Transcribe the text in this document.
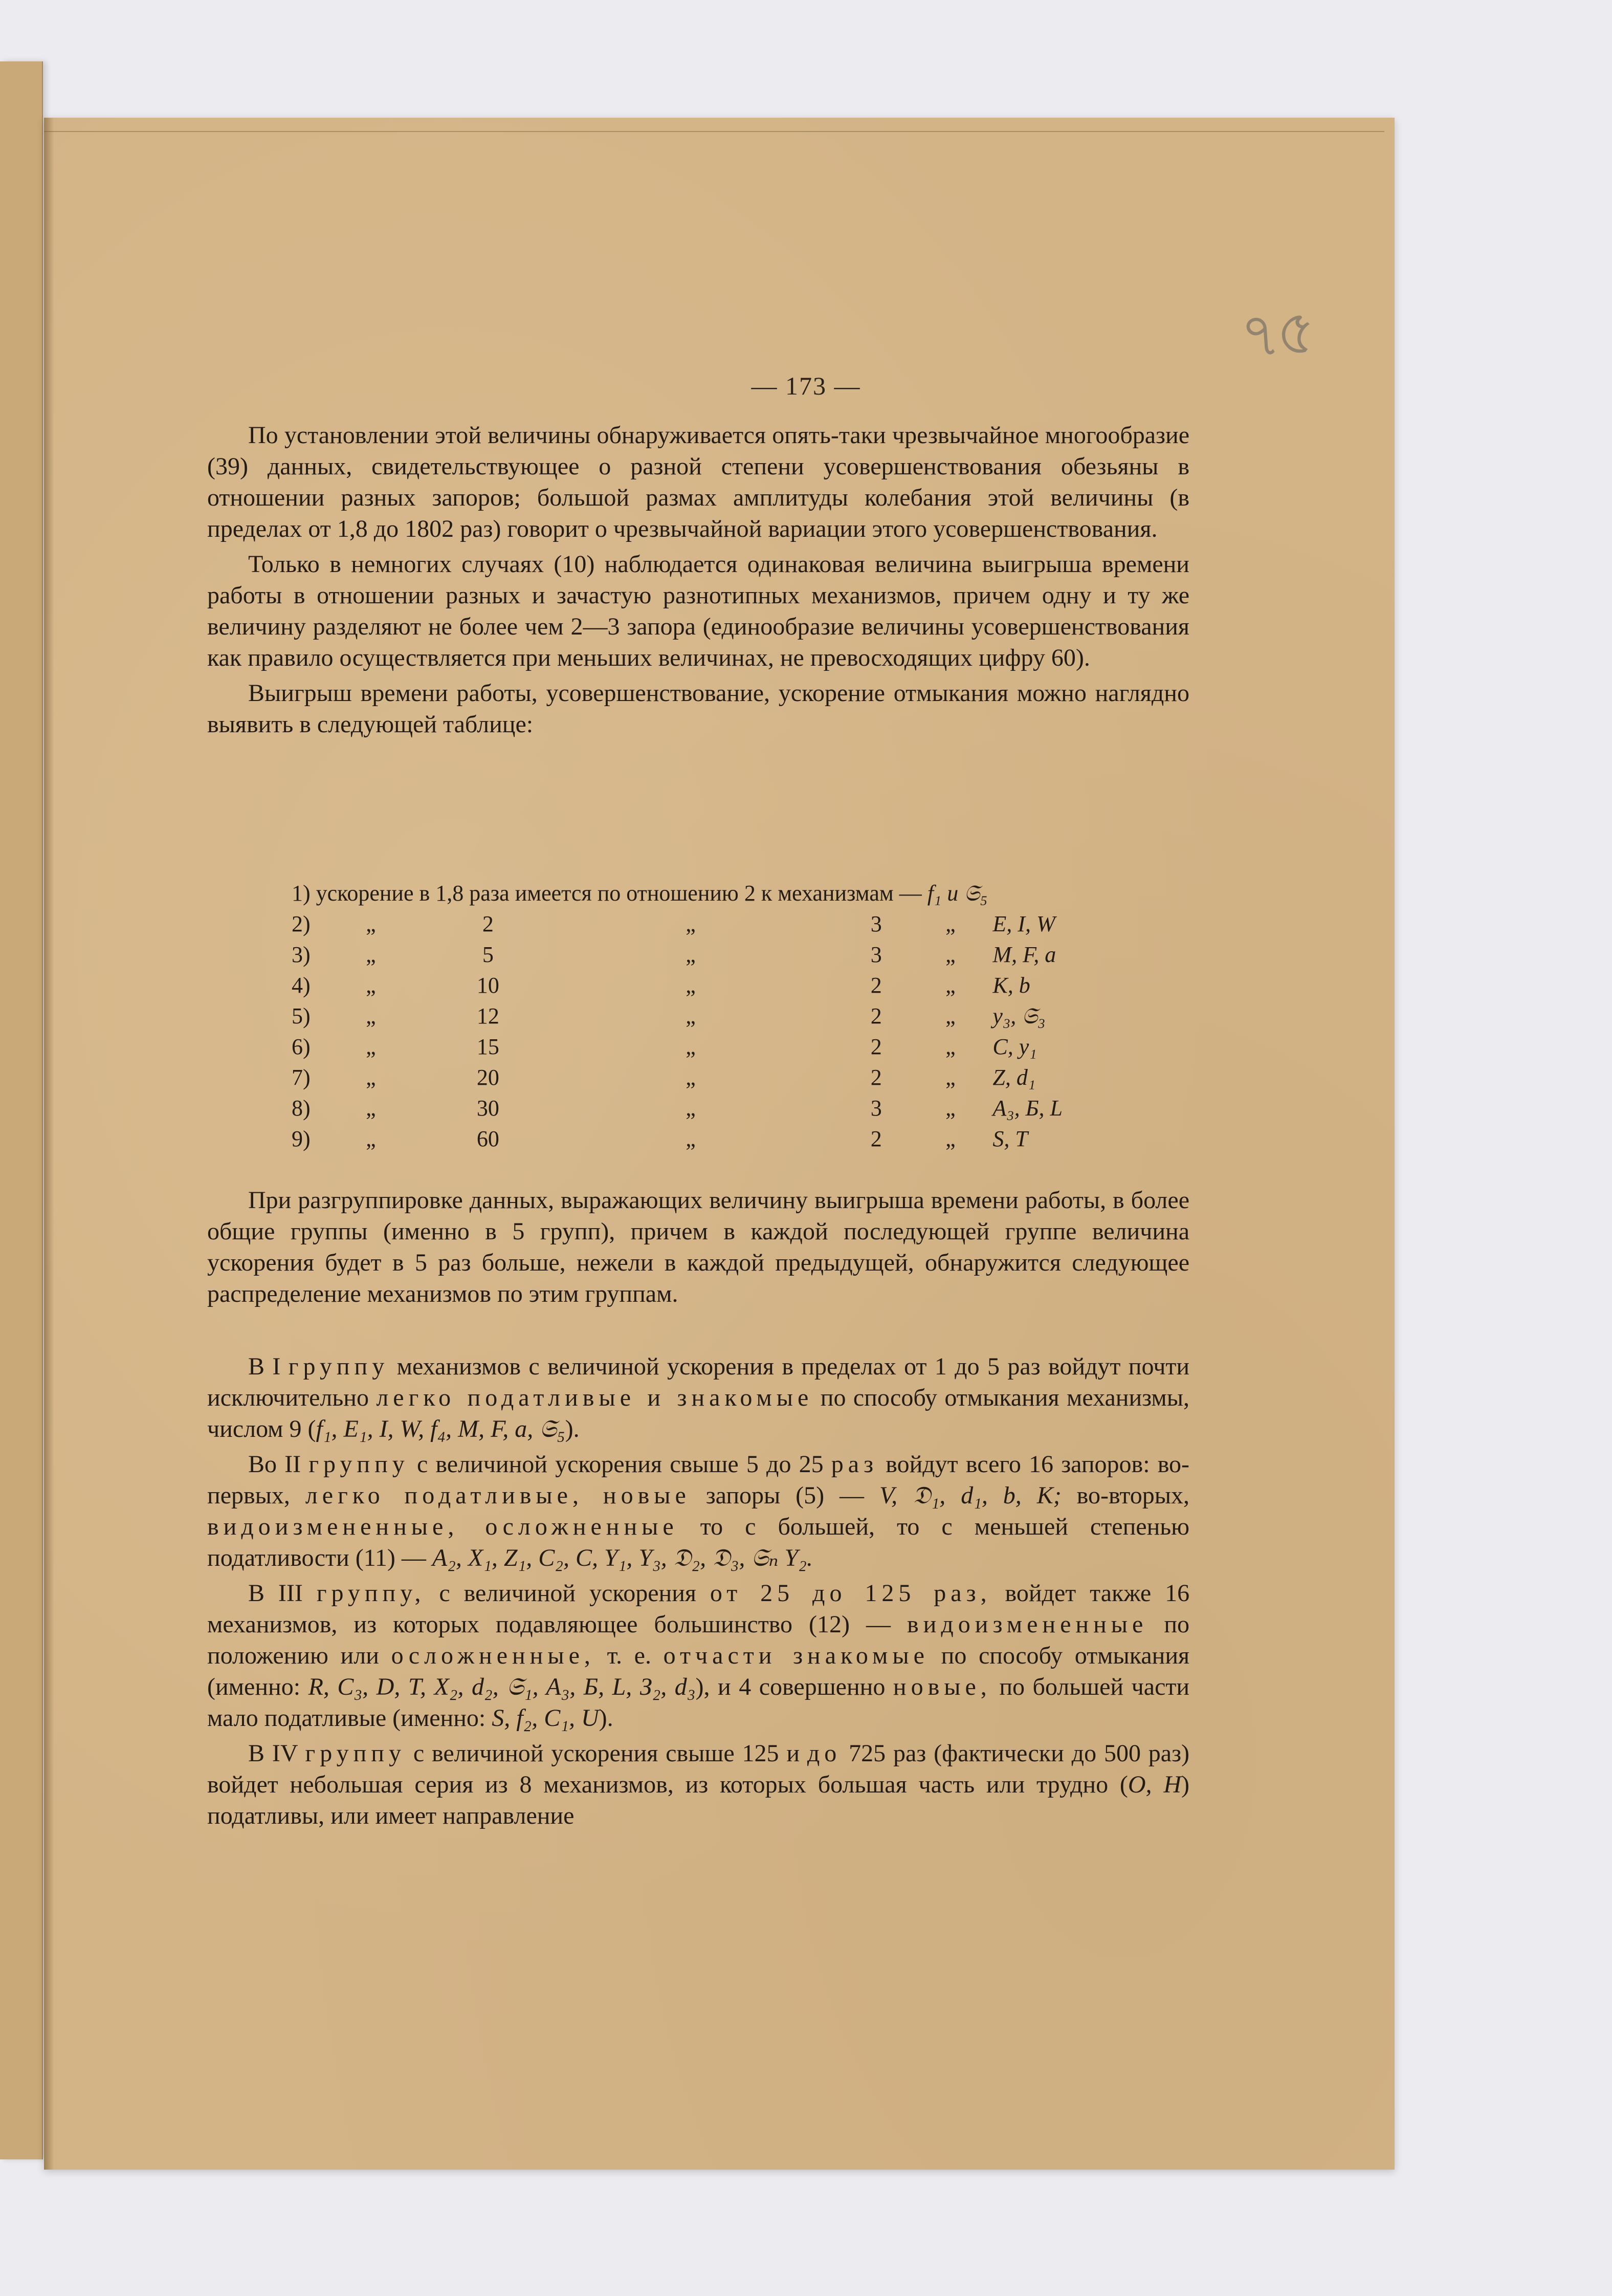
৭৫
— 173 —

По установлении этой величины обнаруживается опять-таки чрезвычайное многообразие (39) данных, свидетельствующее о разной степени усовершенствования обезьяны в отношении разных запоров; большой размах амплитуды колебания этой величины (в пределах от 1,8 до 1802 раз) говорит о чрезвычайной вариации этого усовершенствования.

Только в немногих случаях (10) наблюдается одинаковая величина выигрыша времени работы в отношении разных и зачастую разнотипных механизмов, причем одну и ту же величину разделяют не более чем 2—3 запора (единообразие величины усовершенствования как правило осуществляется при меньших величинах, не превосходящих цифру 60).

Выигрыш времени работы, усовершенствование, ускорение отмыкания можно наглядно выявить в следующей таблице:

1) ускорение в 1,8 раза имеется по отношению 2 к механизмам — f₁ и 𝔖₅						
2)	„	2	„	3	„	E, I, W
3)	„	5	„	3	„	M, F, a
4)	„	10	„	2	„	K, b
5)	„	12	„	2	„	y₃, 𝔖₃
6)	„	15	„	2	„	C, y₁
7)	„	20	„	2	„	Z, d₁
8)	„	30	„	3	„	A₃, Б, L
9)	„	60	„	2	„	S, T

При разгруппировке данных, выражающих величину выигрыша времени работы, в более общие группы (именно в 5 групп), причем в каждой последующей группе величина ускорения будет в 5 раз больше, нежели в каждой предыдущей, обнаружится следующее распределение механизмов по этим группам.

В I группу механизмов с величиной ускорения в пределах от 1 до 5 раз войдут почти исключительно легко податливые и знакомые по способу отмыкания механизмы, числом 9 (f₁, E₁, I, W, f₄, M, F, a, 𝔖₅).

Во II группу с величиной ускорения свыше 5 до 25 раз войдут всего 16 запоров: во-первых, легко податливые, новые запоры (5) — V, 𝔇₁, d₁, b, K; во-вторых, видоизмененные, осложненные то с большей, то с меньшей степенью податливости (11) — A₂, X₁, Z₁, C₂, C, Y₁, Y₃, 𝔇₂, 𝔇₃, 𝔖ₙ Y₂.

В III группу, с величиной ускорения от 25 до 125 раз, войдет также 16 механизмов, из которых подавляющее большинство (12) — видоизмененные по положению или осложненные, т. е. отчасти знакомые по способу отмыкания (именно: R, C₃, D, T, X₂, d₂, 𝔖₁, A₃, Б, L, З₂, d₃), и 4 совершенно новые, по большей части мало податливые (именно: S, f₂, C₁, U).

В IV группу с величиной ускорения свыше 125 и до 725 раз (фактически до 500 раз) войдет небольшая серия из 8 механизмов, из которых большая часть или трудно (O, H) податливы, или имеет направление
